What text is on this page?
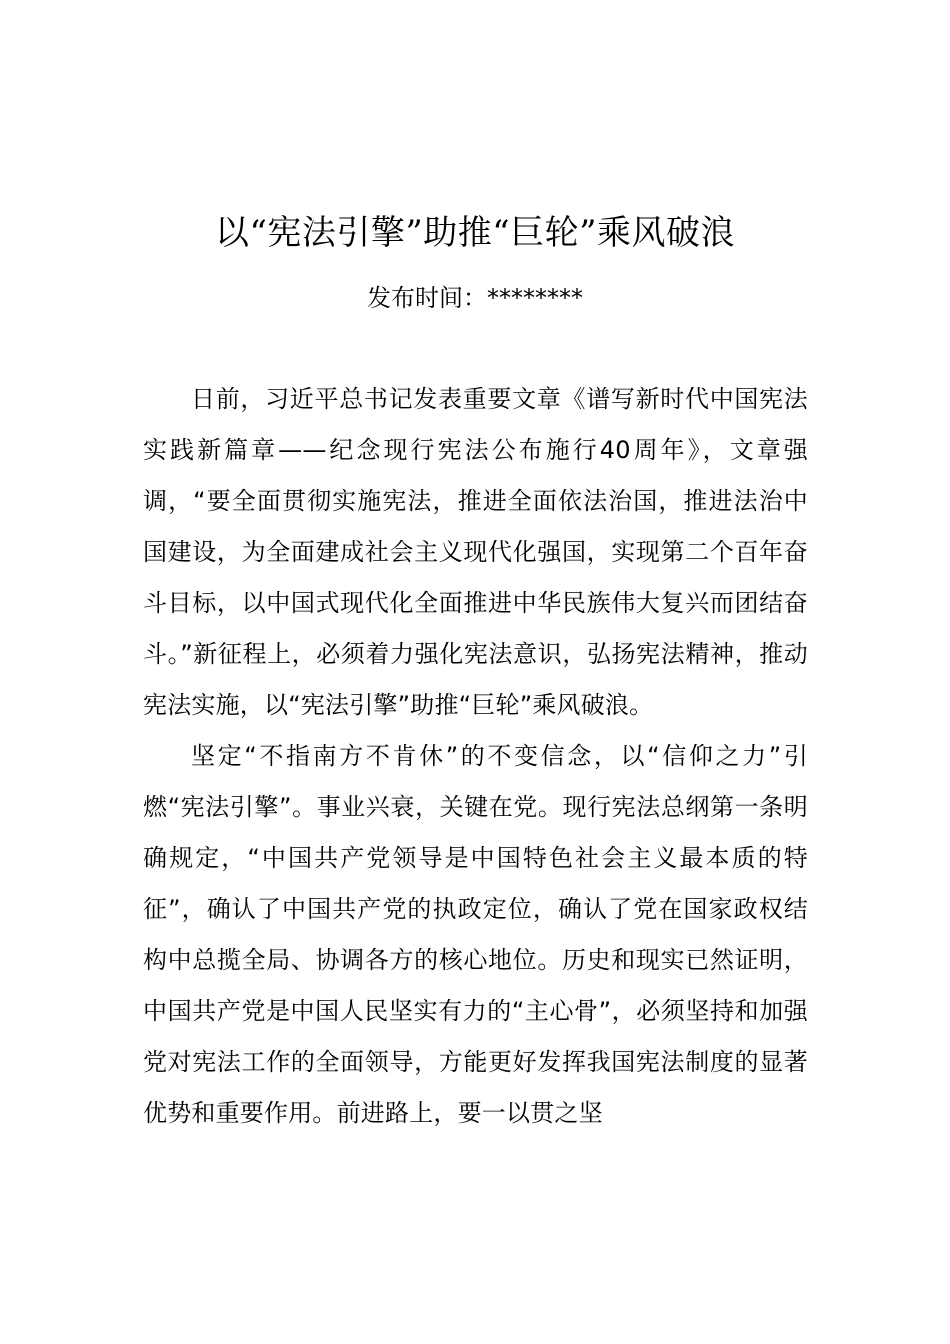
以“宪法引擎”助推“巨轮”乘风破浪
发布时间：********

日前，习近平总书记发表重要文章《谱写新时代中国宪法实践新篇章——纪念现行宪法公布施行40周年》，文章强调，“要全面贯彻实施宪法，推进全面依法治国，推进法治中国建设，为全面建成社会主义现代化强国，实现第二个百年奋斗目标，以中国式现代化全面推进中华民族伟大复兴而团结奋斗。”新征程上，必须着力强化宪法意识，弘扬宪法精神，推动宪法实施，以“宪法引擎”助推“巨轮”乘风破浪。

坚定“不指南方不肯休”的不变信念，以“信仰之力”引燃“宪法引擎”。事业兴衰，关键在党。现行宪法总纲第一条明确规定，“中国共产党领导是中国特色社会主义最本质的特征”，确认了中国共产党的执政定位，确认了党在国家政权结构中总揽全局、协调各方的核心地位。历史和现实已然证明，中国共产党是中国人民坚实有力的“主心骨”，必须坚持和加强党对宪法工作的全面领导，方能更好发挥我国宪法制度的显著优势和重要作用。前进路上，要一以贯之坚
